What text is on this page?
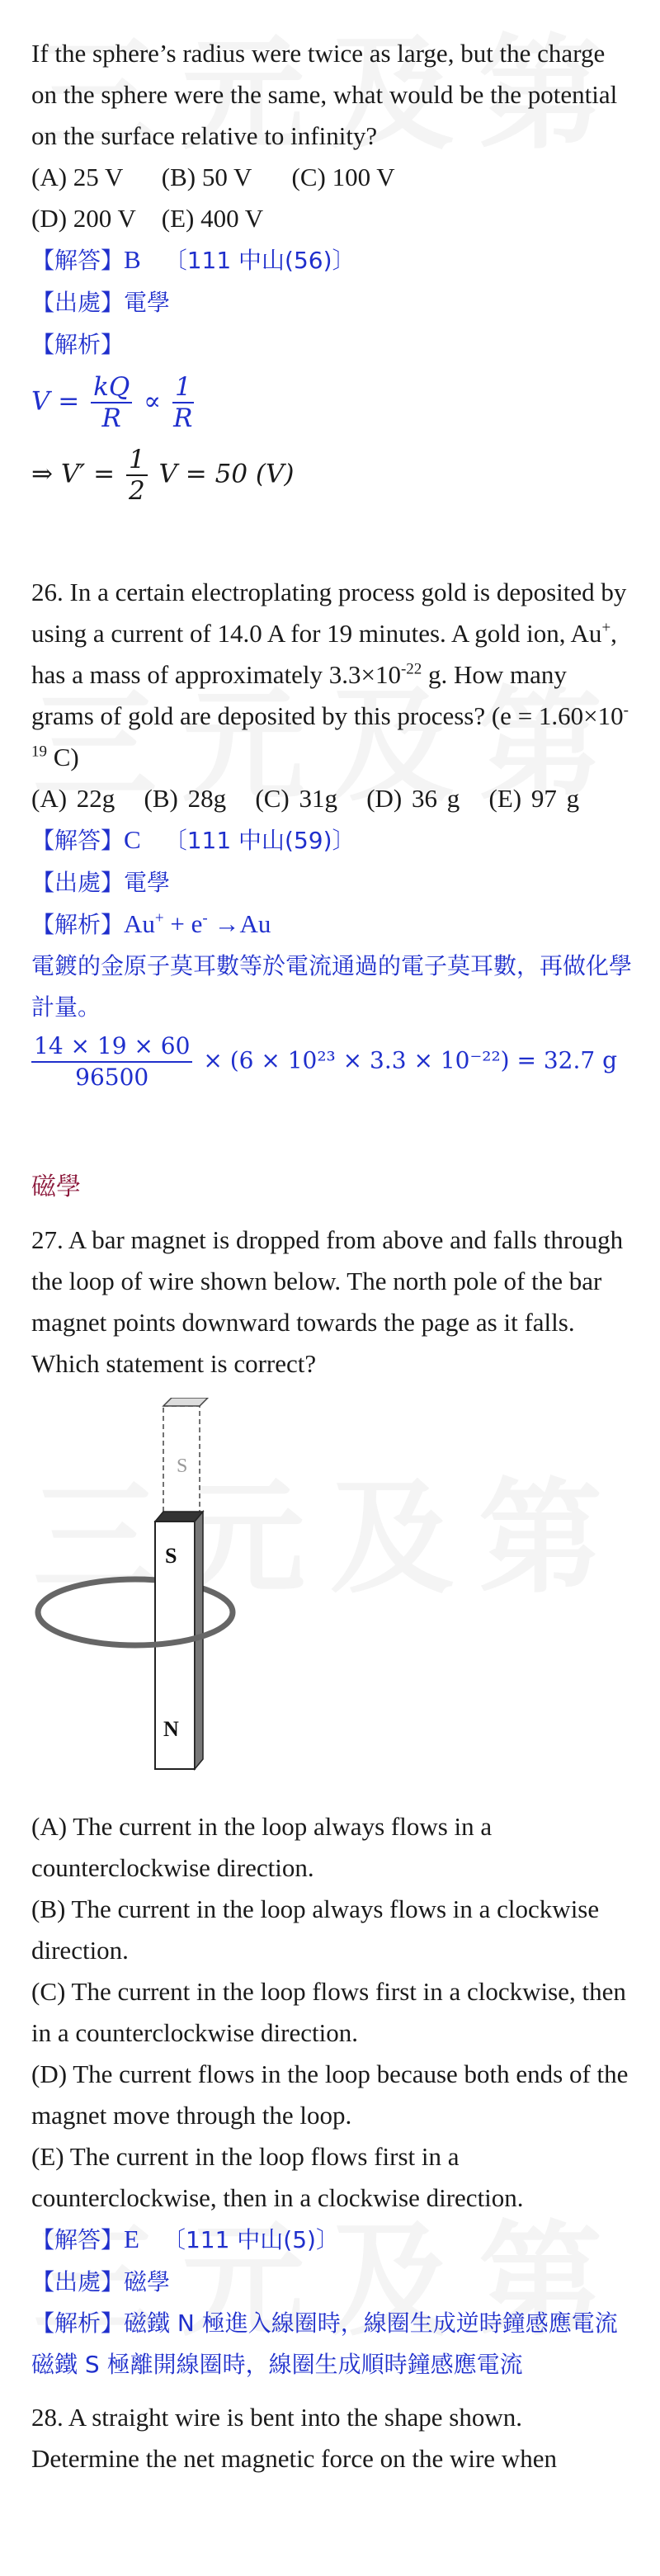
If the sphere’s radius were twice as large, but the charge on the sphere were the same, what would be the potential on the surface relative to infinity?

(A) 25 V (B) 50 V (C) 100 V

(D) 200 V (E) 400 V

【解答】B 〔111 中山(56)〕

【出處】電學

【解析】

$V = \frac{kQ}{R} \propto \frac{1}{R}$

⇒ $V' = \frac{1}{2}$ V = 50 (V)

26. In a certain electroplating process gold is deposited by using a current of 14.0 A for 19 minutes. A gold ion, Au+, has a mass of approximately $3.3\times 10^{-22}$ g. How many grams of gold are deposited by this process? ($e = 1.60\times 10^{-19}$ C)

(A) 22g (B) 28g (C) 31g (D) 36 g (E) 97 g

【解答】C 〔111 中山(59)〕

【出處】電學

【解析】Au+ + e- →Au

電鍍的金原子莫耳數等於電流通過的電子莫耳數，再做化學計量。

$\frac{14 \times 19 \times 60}{96500} \times (6 \times 10^{23} \times 3.3 \times 10^{-22}) = 32.7$ g

磁學

27. A bar magnet is dropped from above and falls through the loop of wire shown below. The north pole of the bar magnet points downward towards the page as it falls. Which statement is correct?

S
S
N

(A) The current in the loop always flows in a counterclockwise direction.

(B) The current in the loop always flows in a clockwise direction.

(C) The current in the loop flows first in a clockwise, then in a counterclockwise direction.

(D) The current flows in the loop because both ends of the magnet move through the loop.

(E) The current in the loop flows first in a counterclockwise, then in a clockwise direction.

【解答】E 〔111 中山(5)〕

【出處】磁學

【解析】磁鐵 N 極進入線圈時，線圈生成逆時鐘感應電流

磁鐵 S 極離開線圈時，線圈生成順時鐘感應電流

28. A straight wire is bent into the shape shown. Determine the net magnetic force on the wire when
